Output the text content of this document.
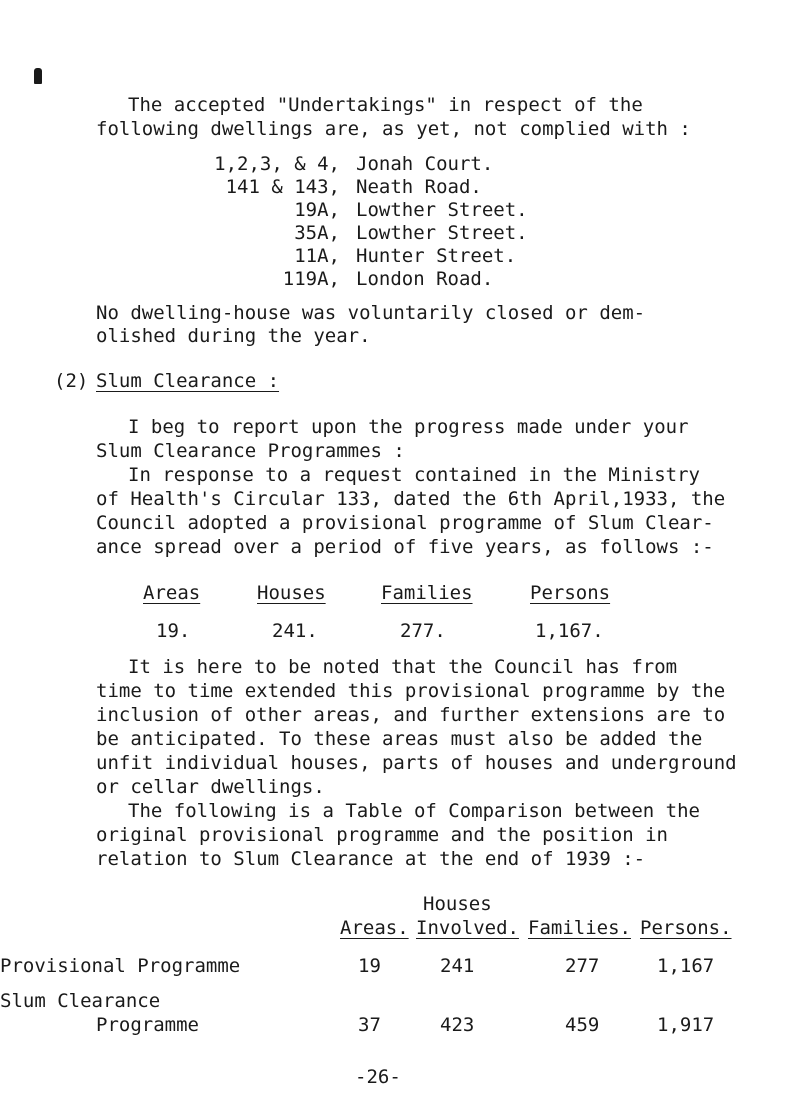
The accepted "Undertakings" in respect of the
following dwellings are, as yet, not complied with :
1,2,3, & 4, Jonah Court.
141 & 143, Neath Road.
19A, Lowther Street.
35A, Lowther Street.
11A, Hunter Street.
119A, London Road.
No dwelling-house was voluntarily closed or dem-
olished during the year.
(2) Slum Clearance :
I beg to report upon the progress made under your
Slum Clearance Programmes :
In response to a request contained in the Ministry
of Health's Circular 133, dated the 6th April,1933, the
Council adopted a provisional programme of Slum Clear-
ance spread over a period of five years, as follows :-
Areas	Houses	Families	Persons
19.	241.	277.	1,167.
It is here to be noted that the Council has from
time to time extended this provisional programme by the
inclusion of other areas, and further extensions are to
be anticipated. To these areas must also be added the
unfit individual houses, parts of houses and underground
or cellar dwellings.
The following is a Table of Comparison between the
original provisional programme and the position in
relation to Slum Clearance at the end of 1939 :-
Houses
Areas. Involved. Families. Persons.
Provisional Programme	19	241	277	1,167
Slum Clearance
Programme	37	423	459	1,917
-26-
